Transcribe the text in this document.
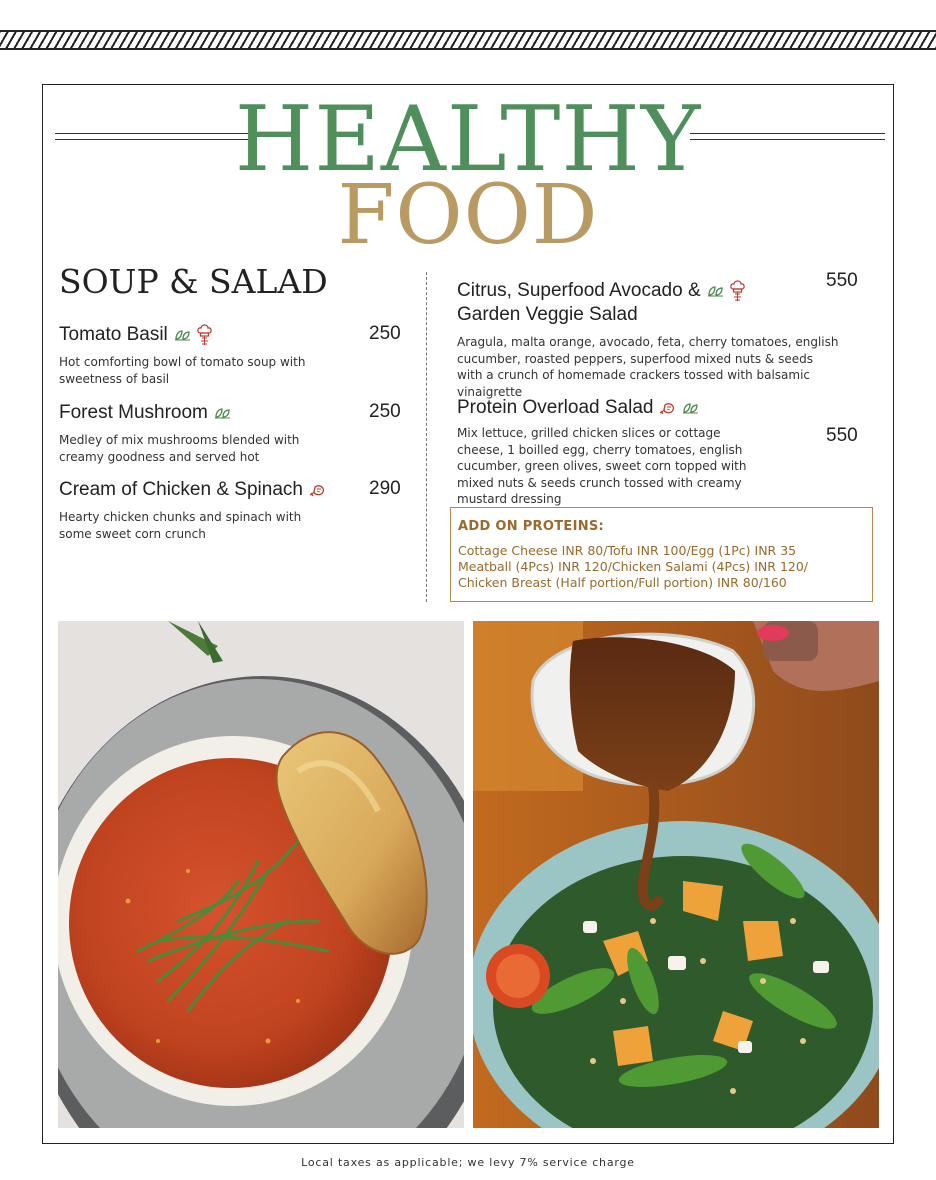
HEALTHY
FOOD
SOUP & SALAD
Tomato Basil	250
Hot comforting bowl of tomato soup with sweetness of basil
Forest Mushroom	250
Medley of mix mushrooms blended with creamy goodness and served hot
Cream of Chicken & Spinach	290
Hearty chicken chunks and spinach with some sweet corn crunch
Citrus, Superfood Avocado &
Garden Veggie Salad
550
Aragula, malta orange, avocado, feta, cherry tomatoes, english cucumber, roasted peppers, superfood mixed nuts & seeds with a crunch of homemade crackers tossed with balsamic vinaigrette
Protein Overload Salad
550
Mix lettuce, grilled chicken slices or cottage cheese, 1 boilled egg, cherry tomatoes, english cucumber, green olives, sweet corn topped with mixed nuts & seeds crunch tossed with creamy mustard dressing
ADD ON PROTEINS:
Cottage Cheese INR 80/Tofu INR 100/Egg (1Pc) INR 35
Meatball (4Pcs) INR 120/Chicken Salami (4Pcs) INR 120/
Chicken Breast (Half portion/Full portion) INR 80/160
Local taxes as applicable; we levy 7% service charge
